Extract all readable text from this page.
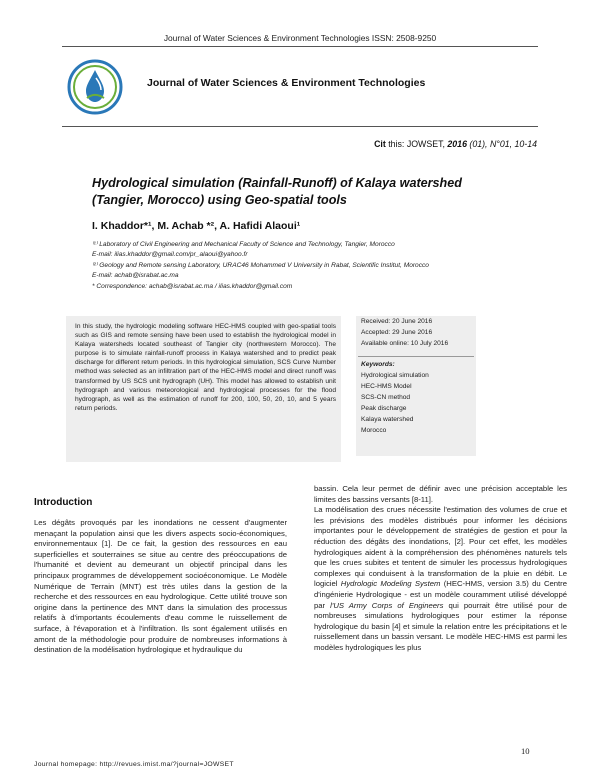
Journal of Water Sciences & Environment Technologies ISSN: 2508-9250
Journal of Water Sciences & Environment Technologies
Cit this: JOWSET, 2016 (01), N°01, 10-14
Hydrological simulation (Rainfall-Runoff) of Kalaya watershed (Tangier, Morocco) using Geo-spatial tools
I. Khaddor*¹, M. Achab *², A. Hafidi Alaoui¹
⁽¹⁾ Laboratory of Civil Engineering and Mechanical Faculty of Science and Technology, Tangier, Morocco
E-mail: ilias.khaddor@gmail.com/pr_alaoui@yahoo.fr
⁽²⁾ Geology and Remote sensing Laboratory, URAC46 Mohammed V University in Rabat, Scientific Institut, Morocco
E-mail: achab@israbat.ac.ma
* Correspondence: achab@israbat.ac.ma / ilias.khaddor@gmail.com
In this study, the hydrologic modeling software HEC-HMS coupled with geo-spatial tools such as GIS and remote sensing have been used to establish the hydrological model in Kalaya watersheds located southeast of Tangier city (northwestern Morocco). The purpose is to simulate rainfall-runoff process in Kalaya watershed and to predict peak discharge for different return periods. In this hydrological simulation, SCS Curve Number method was selected as an infiltration part of the HEC-HMS model and direct runoff was transformed by US SCS unit hydrograph (UH). This model has allowed to establish unit hydrograph and various meteorological and hydrological processes for the flood hydrograph, as well as the estimation of runoff for 200, 100, 50, 20, 10, and 5 years return periods.
Received: 20 June 2016
Accepted: 29 June 2016
Available online: 10 July 2016
Keywords:
Hydrological simulation
HEC-HMS Model
SCS-CN method
Peak discharge
Kalaya watershed
Morocco
Introduction

Les dégâts provoqués par les inondations ne cessent d'augmenter menaçant la population ainsi que les divers aspects socio-économiques, environnementaux [1]. De ce fait, la gestion des ressources en eau superficielles et souterraines se situe au centre des préoccupations de l'humanité et devient au demeurant un objectif principal dans les principaux programmes de développement socioéconomique. Le Modèle Numérique de Terrain (MNT) est très utiles dans la gestion de la recherche et des ressources en eau hydrologique. Cette utilité trouve son origine dans la pertinence des MNT dans la simulation des processus relatifs à d'importants écoulements d'eau comme le ruissellement de surface, à l'évaporation et à l'infiltration. Ils sont également utilisés en amont de la méthodologie pour produire de nombreuses informations à destination de la modélisation hydrologique et hydraulique du

bassin. Cela leur permet de définir avec une précision acceptable les limites des bassins versants [8-11].

La modélisation des crues nécessite l'estimation des volumes de crue et les prévisions des modèles distribués pour informer les décisions importantes pour le développement de stratégies de gestion et pour la réduction des dégâts des inondations, [2]. Pour cet effet, les modèles hydrologiques aident à la compréhension des phénomènes naturels tels que les crues subites et tentent de simuler les processus hydrologiques complexes qui conduisent à la transformation de la pluie en débit. Le logiciel Hydrologic Modeling System (HEC-HMS, version 3.5) du Centre d'ingénierie Hydrologique - est un modèle couramment utilisé développé par l'US Army Corps of Engineers qui pourrait être utilisé pour de nombreuses simulations hydrologiques pour estimer la réponse hydrologique du basin [4] et simule la relation entre les précipitations et le ruissellement dans un bassin versant. Le modèle HEC-HMS est parmi les modèles hydrologiques les plus

10
Journal homepage: http://revues.imist.ma/?journal=JOWSET
